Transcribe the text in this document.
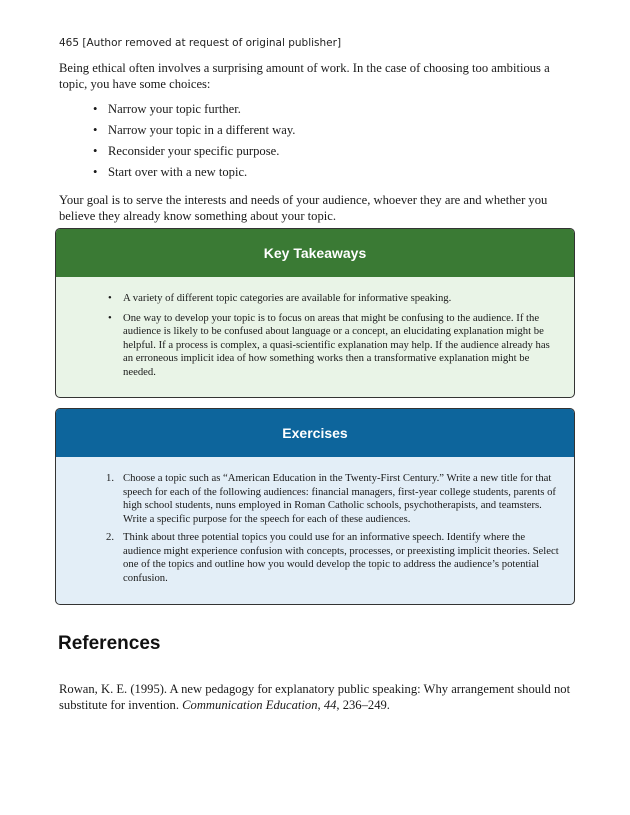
465 [Author removed at request of original publisher]

Being ethical often involves a surprising amount of work. In the case of choosing too ambitious a topic, you have some choices:

• Narrow your topic further.
• Narrow your topic in a different way.
• Reconsider your specific purpose.
• Start over with a new topic.

Your goal is to serve the interests and needs of your audience, whoever they are and whether you believe they already know something about your topic.

Key Takeaways
• A variety of different topic categories are available for informative speaking.
• One way to develop your topic is to focus on areas that might be confusing to the audience. If the audience is likely to be confused about language or a concept, an elucidating explanation might be helpful. If a process is complex, a quasi-scientific explanation may help. If the audience already has an erroneous implicit idea of how something works then a transformative explanation might be needed.
Exercises
1. Choose a topic such as “American Education in the Twenty-First Century.” Write a new title for that speech for each of the following audiences: financial managers, first-year college students, parents of high school students, nuns employed in Roman Catholic schools, psychotherapists, and teamsters. Write a specific purpose for the speech for each of these audiences.
2. Think about three potential topics you could use for an informative speech. Identify where the audience might experience confusion with concepts, processes, or preexisting implicit theories. Select one of the topics and outline how you would develop the topic to address the audience’s potential confusion.
References

Rowan, K. E. (1995). A new pedagogy for explanatory public speaking: Why arrangement should not substitute for invention. Communication Education, 44, 236–249.
